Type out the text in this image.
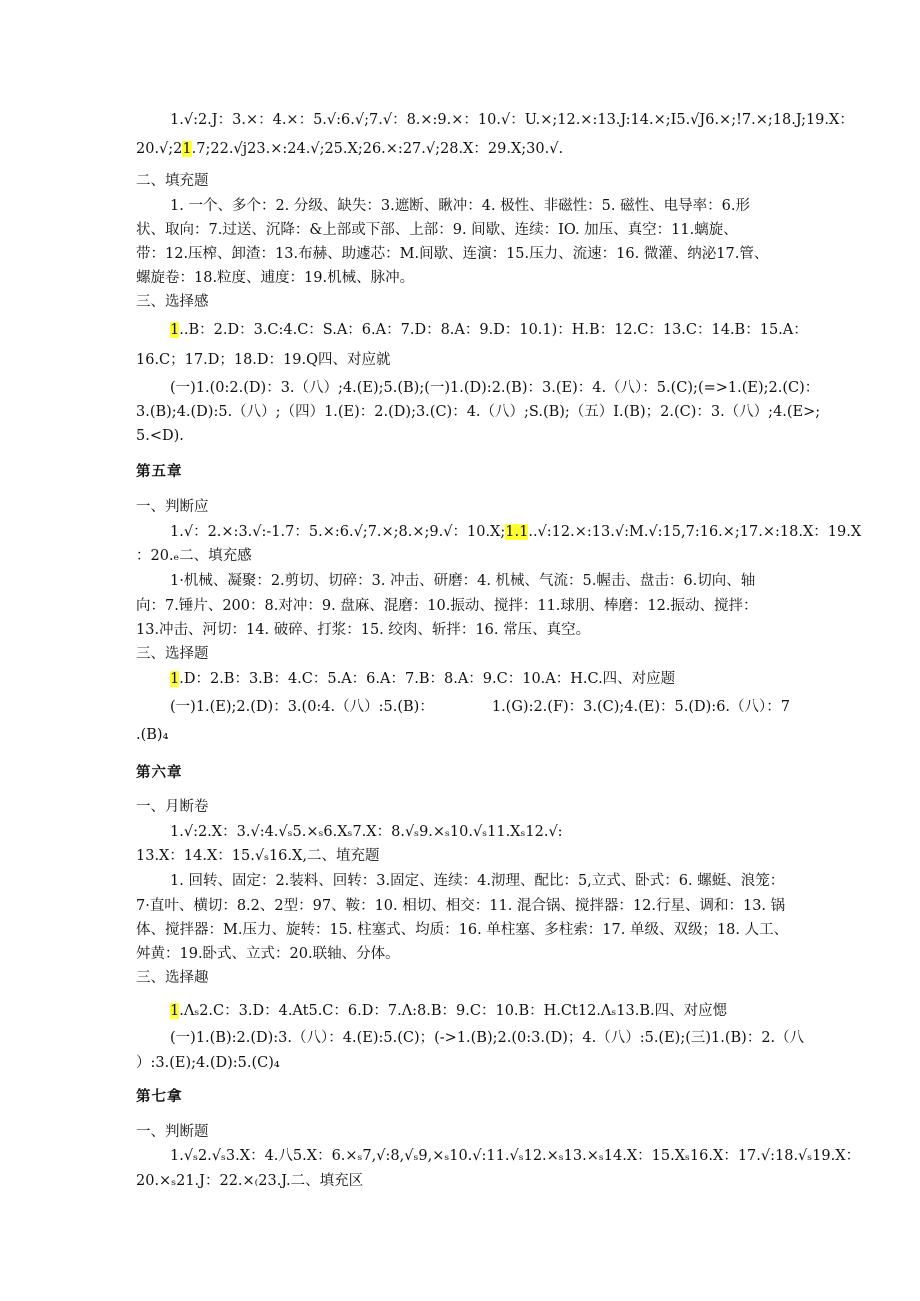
1.√:2.J：3.×：4.×：5.√:6.√;7.√：8.×:9.×：10.√：U.×;12.×:13.J:14.×;I5.√J6.×;!7.×;18.J;19.X：
20.√;21.7;22.√j23.×:24.√;25.X;26.×:27.√;28.X：29.X;30.√.
二、填充题
1. 一个、多个：2. 分级、缺失：3.遮断、瞅冲：4. 极性、非磁性：5. 磁性、电导率：6.形
状、取向：7.过送、沉降：&上部或下部、上部：9. 间歇、连续：IO. 加压、真空：11.螭旋、
带：12.压榨、卸渣：13.布赫、助遽芯：M.间歇、连演：15.压力、流速：16. 微灌、纳泌17.管、
螺旋卷：18.粒度、逋度：19.机械、脉冲。
三、选择感
1..B：2.D：3.C:4.C：S.A：6.A：7.D：8.A：9.D：10.1)：H.B：12.C：13.C：14.B：15.A：
16.C；17.D；18.D：19.Q四、对应就
(一)1.(0:2.(D)：3.（八）;4.(E);5.(B);(一)1.(D):2.(B)：3.(E)：4.（八）：5.(C);(=>1.(E);2.(C)：
3.(B);4.(D):5.（八）;（四）1.(E)：2.(D);3.(C)：4.（八）;S.(B);（五）I.(B)；2.(C)：3.（八）;4.(E>;
5.<D).
第五章
一、判断应
1.√：2.×:3.√:-1.7：5.×:6.√;7.×;8.×;9.√：10.X;1.1..√:12.×:13.√:M.√:15,7:16.×;17.×:18.X：19.X
：20.ₑ二、填充感
1·机械、凝聚：2.剪切、切碎：3. 冲击、研磨：4. 机械、气流：5.幄击、盘击：6.切向、轴
向：7.锤片、200：8.对冲：9. 盘麻、混磨：10.振动、搅拌：11.球朋、棒磨：12.振动、搅拌：
13.冲击、河切：14. 破碎、打浆：15. 绞肉、斩拌：16. 常压、真空。
三、选择题
1.D：2.B：3.B：4.C：5.A：6.A：7.B：8.A：9.C：10.A：H.C.四、对应题
(一)1.(E);2.(D)：3.(0:4.（八）:5.(B)：	1.(G):2.(F)：3.(C);4.(E)：5.(D):6.（八）：7
.(B)₄
第六章
一、月断卷
1.√:2.X：3.√:4.√ₛ5.×ₛ6.Xₛ7.X：8.√ₛ9.×ₛ10.√ₛ11.Xₛ12.√:
13.X：14.X：15.√ₛ16.X,二、埴充题
1. 回转、固定：2.装料、回转：3.固定、连续：4.沏理、配比：5,立式、卧式：6. 螺蜓、浪笼：
7·直叶、横切：8.2、2型：97、鞍：10. 相切、相交：11. 混合锅、搅拌器：12.行星、调和：13. 锅
体、搅拌器：M.压力、旋转：15. 柱塞式、均质：16. 单柱塞、多柱索：17. 单级、双级；18. 人工、
舛黄：19.卧式、立式：20.联轴、分体。
三、选择趣
1.Λₛ2.C：3.D：4.At5.C：6.D：7.Λ:8.B：9.C：10.B：H.Ct12.Λₛ13.B.四、对应愢
(一)1.(B):2.(D):3.（八）：4.(E):5.(C)；(->1.(B);2.(0:3.(D)；4.（八）:5.(E);(三)1.(B)：2.（八
）:3.(E);4.(D):5.(C)₄
第七拿
一、判断题
1.√ₛ2.√ₛ3.X：4.八5.X：6.×ₛ7,√:8,√ₛ9,×ₛ10.√:11.√ₛ12.×ₛ13.×ₛ14.X：15.Xₛ16.X：17.√:18.√ₛ19.X：
20.×ₛ21.J：22.×₍23.J.二、填充区
